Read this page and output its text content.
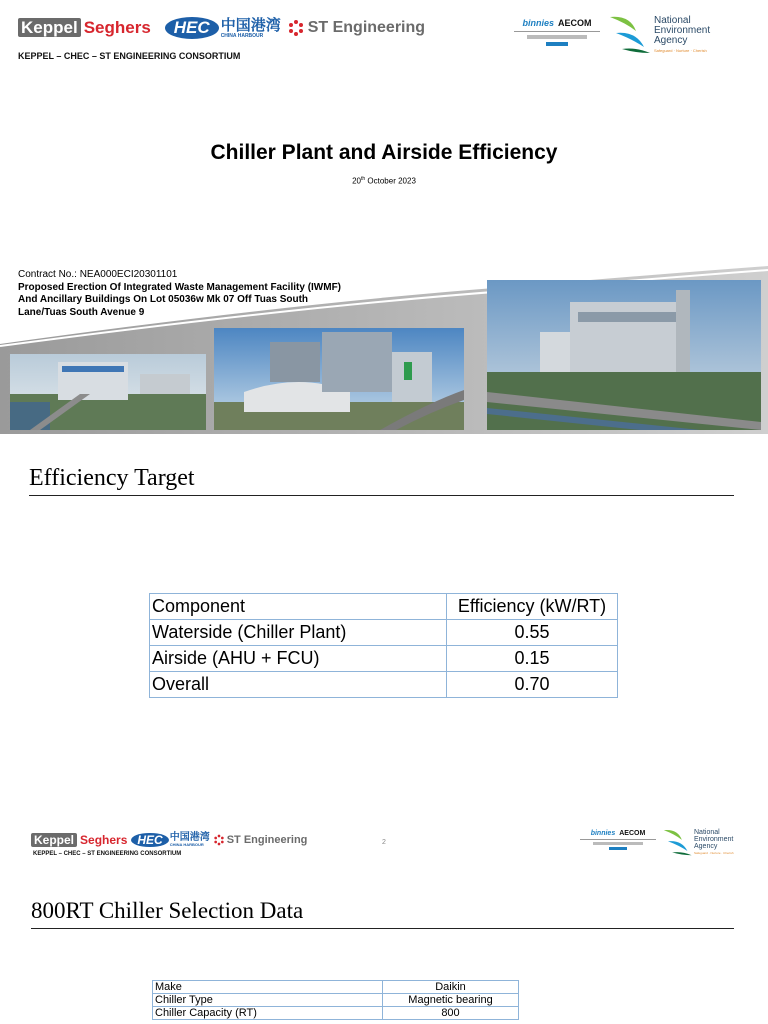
Keppel Seghers	HEC 中国港湾
CHINA HARBOUR	ST Engineering
KEPPEL – CHEC – ST ENGINEERING CONSORTIUM
binnies AECOM	National
Environment
Agency
Safeguard · Nurture · Cherish
Chiller Plant and Airside Efficiency
20th October 2023
Contract No.: NEA000ECI20301101
Proposed Erection Of Integrated Waste Management Facility (IWMF)
And Ancillary Buildings On Lot 05036w Mk 07 Off Tuas South
Lane/Tuas South Avenue 9
Efficiency Target
Component	Efficiency (kW/RT)
Waterside (Chiller Plant)	0.55
Airside (AHU + FCU)	0.15
Overall	0.70
Keppel Seghers HEC 中国港湾
CHINA HARBOUR	ST Engineering
KEPPEL – CHEC – ST ENGINEERING CONSORTIUM
2
binnies AECOM	National
Environment
Agency
Safeguard · Nurture · Cherish
800RT Chiller Selection Data
Make	Daikin
Chiller Type	Magnetic bearing
Chiller Capacity (RT)	800
